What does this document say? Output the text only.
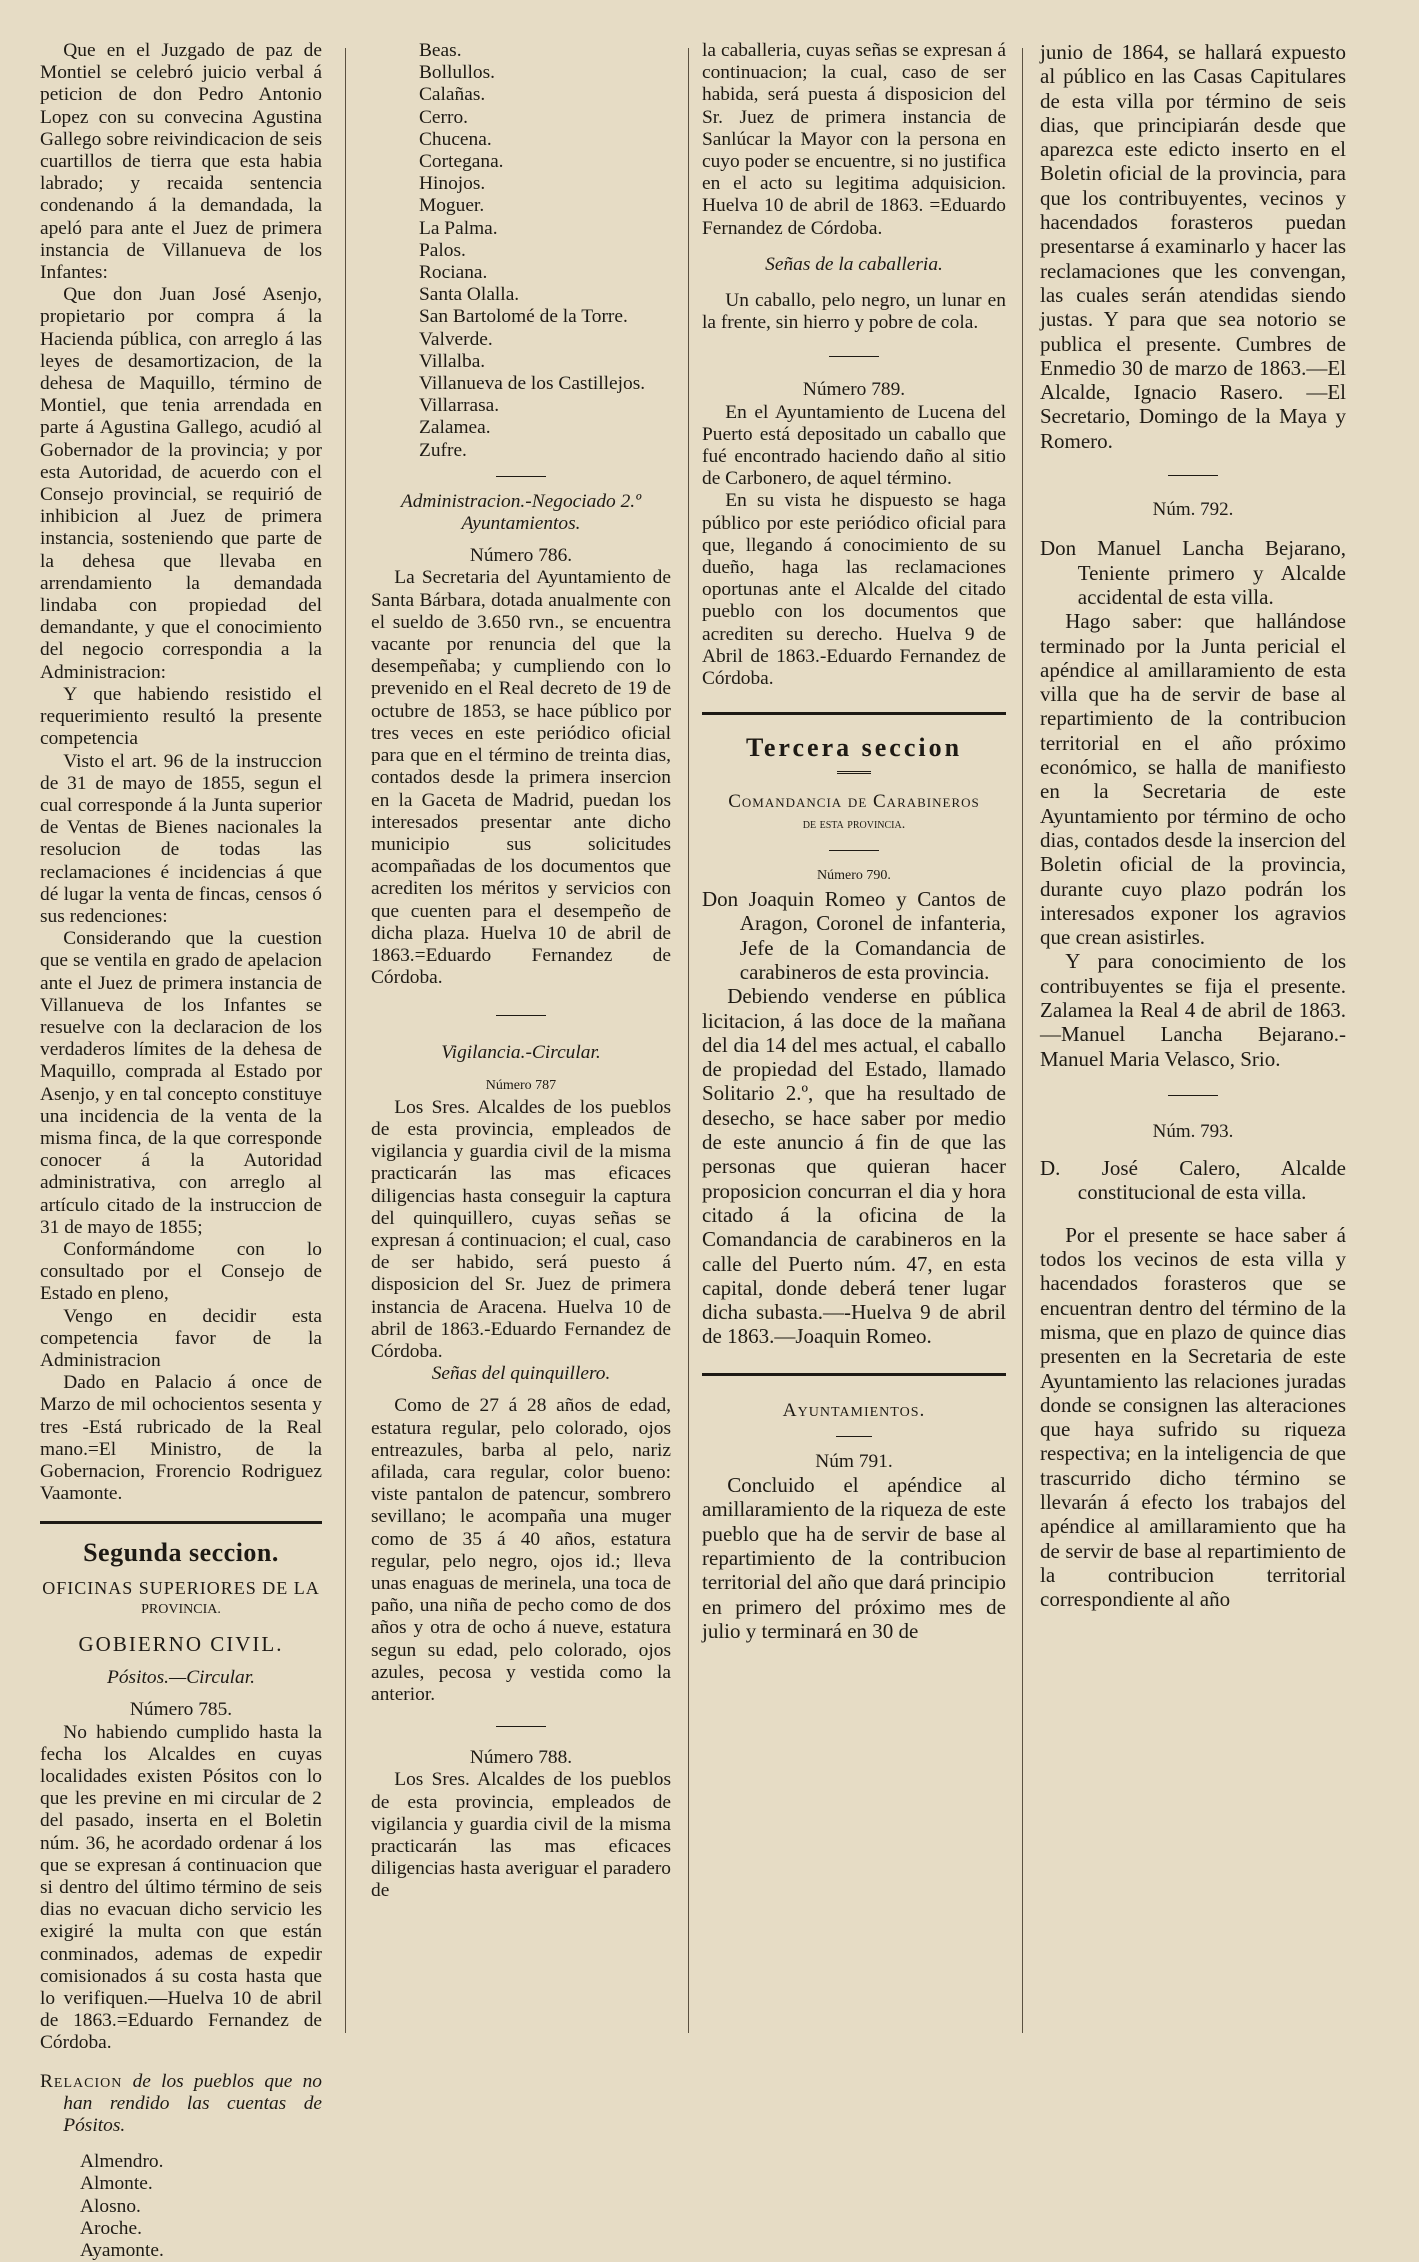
Que en el Juzgado de paz de Montiel se celebró juicio verbal á peticion de don Pedro Antonio Lopez con su convecina Agustina Gallego sobre reivindicacion de seis cuartillos de tierra que esta habia labrado; y recaida sentencia condenando á la demandada, la apeló para ante el Juez de primera instancia de Villanueva de los Infantes:

Que don Juan José Asenjo, propietario por compra á la Hacienda pública, con arreglo á las leyes de desamortizacion, de la dehesa de Maquillo, término de Montiel, que tenia arrendada en parte á Agustina Gallego, acudió al Gobernador de la provincia; y por esta Autoridad, de acuerdo con el Consejo provincial, se requirió de inhibicion al Juez de primera instancia, sosteniendo que parte de la dehesa que llevaba en arrendamiento la demandada lindaba con propiedad del demandante, y que el conocimiento del negocio correspondia a la Administracion:

Y que habiendo resistido el requerimiento resultó la presente competencia

Visto el art. 96 de la instruccion de 31 de mayo de 1855, segun el cual corresponde á la Junta superior de Ventas de Bienes nacionales la resolucion de todas las reclamaciones é incidencias á que dé lugar la venta de fincas, censos ó sus redenciones:

Considerando que la cuestion que se ventila en grado de apelacion ante el Juez de primera instancia de Villanueva de los Infantes se resuelve con la declaracion de los verdaderos límites de la dehesa de Maquillo, comprada al Estado por Asenjo, y en tal concepto constituye una incidencia de la venta de la misma finca, de la que corresponde conocer á la Autoridad administrativa, con arreglo al artículo citado de la instruccion de 31 de mayo de 1855;

Conformándome con lo consultado por el Consejo de Estado en pleno,

Vengo en decidir esta competencia favor de la Administracion

Dado en Palacio á once de Marzo de mil ochocientos sesenta y tres -Está rubricado de la Real mano.=El Ministro, de la Gobernacion, Frorencio Rodriguez Vaamonte.

Segunda seccion.
OFICINAS SUPERIORES DE LA
PROVINCIA.
GOBIERNO CIVIL.
Pósitos.—Circular.
Número 785.

No habiendo cumplido hasta la fecha los Alcaldes en cuyas localidades existen Pósitos con lo que les previne en mi circular de 2 del pasado, inserta en el Boletin núm. 36, he acordado ordenar á los que se expresan á continuacion que si dentro del último término de seis dias no evacuan dicho servicio les exigiré la multa con que están conminados, ademas de expedir comisionados á su costa hasta que lo verifiquen.—Huelva 10 de abril de 1863.=Eduardo Fernandez de Córdoba.

Relacion de los pueblos que no han rendido las cuentas de Pósitos.
Almendro.
Almonte.
Alosno.
Aroche.
Ayamonte.
Beas.
Bollullos.
Calañas.
Cerro.
Chucena.
Cortegana.
Hinojos.
Moguer.
La Palma.
Palos.
Rociana.
Santa Olalla.
San Bartolomé de la Torre.
Valverde.
Villalba.
Villanueva de los Castillejos.
Villarrasa.
Zalamea.
Zufre.
Administracion.-Negociado 2.º Ayuntamientos.
Número 786.

La Secretaria del Ayuntamiento de Santa Bárbara, dotada anualmente con el sueldo de 3.650 rvn., se encuentra vacante por renuncia del que la desempeñaba; y cumpliendo con lo prevenido en el Real decreto de 19 de octubre de 1853, se hace público por tres veces en este periódico oficial para que en el término de treinta dias, contados desde la primera insercion en la Gaceta de Madrid, puedan los interesados presentar ante dicho municipio sus solicitudes acompañadas de los documentos que acrediten los méritos y servicios con que cuenten para el desempeño de dicha plaza. Huelva 10 de abril de 1863.=Eduardo Fernandez de Córdoba.

Vigilancia.-Circular.
Número 787

Los Sres. Alcaldes de los pueblos de esta provincia, empleados de vigilancia y guardia civil de la misma practicarán las mas eficaces diligencias hasta conseguir la captura del quinquillero, cuyas señas se expresan á continuacion; el cual, caso de ser habido, será puesto á disposicion del Sr. Juez de primera instancia de Aracena. Huelva 10 de abril de 1863.-Eduardo Fernandez de Córdoba.

Señas del quinquillero.

Como de 27 á 28 años de edad, estatura regular, pelo colorado, ojos entreazules, barba al pelo, nariz afilada, cara regular, color bueno: viste pantalon de patencur, sombrero sevillano; le acompaña una muger como de 35 á 40 años, estatura regular, pelo negro, ojos id.; lleva unas enaguas de merinela, una toca de paño, una niña de pecho como de dos años y otra de ocho á nueve, estatura segun su edad, pelo colorado, ojos azules, pecosa y vestida como la anterior.

Número 788.

Los Sres. Alcaldes de los pueblos de esta provincia, empleados de vigilancia y guardia civil de la misma practicarán las mas eficaces diligencias hasta averiguar el paradero de

la caballeria, cuyas señas se expresan á continuacion; la cual, caso de ser habida, será puesta á disposicion del Sr. Juez de primera instancia de Sanlúcar la Mayor con la persona en cuyo poder se encuentre, si no justifica en el acto su legitima adquisicion. Huelva 10 de abril de 1863. =Eduardo Fernandez de Córdoba.

Señas de la caballeria.

Un caballo, pelo negro, un lunar en la frente, sin hierro y pobre de cola.

Número 789.

En el Ayuntamiento de Lucena del Puerto está depositado un caballo que fué encontrado haciendo daño al sitio de Carbonero, de aquel término.

En su vista he dispuesto se haga público por este periódico oficial para que, llegando á conocimiento de su dueño, haga las reclamaciones oportunas ante el Alcalde del citado pueblo con los documentos que acrediten su derecho. Huelva 9 de Abril de 1863.-Eduardo Fernandez de Córdoba.

Tercera seccion
Comandancia de Carabineros
de esta provincia.
Número 790.
Don Joaquin Romeo y Cantos de Aragon, Coronel de infanteria, Jefe de la Comandancia de carabineros de esta provincia.

Debiendo venderse en pública licitacion, á las doce de la mañana del dia 14 del mes actual, el caballo de propiedad del Estado, llamado Solitario 2.º, que ha resultado de desecho, se hace saber por medio de este anuncio á fin de que las personas que quieran hacer proposicion concurran el dia y hora citado á la oficina de la Comandancia de carabineros en la calle del Puerto núm. 47, en esta capital, donde deberá tener lugar dicha subasta.—-Huelva 9 de abril de 1863.—Joaquin Romeo.

Ayuntamientos.
Núm 791.

Concluido el apéndice al amillaramiento de la riqueza de este pueblo que ha de servir de base al repartimiento de la contribucion territorial del año que dará principio en primero del próximo mes de julio y terminará en 30 de

junio de 1864, se hallará expuesto al público en las Casas Capitulares de esta villa por término de seis dias, que principiarán desde que aparezca este edicto inserto en el Boletin oficial de la provincia, para que los contribuyentes, vecinos y hacendados forasteros puedan presentarse á examinarlo y hacer las reclamaciones que les convengan, las cuales serán atendidas siendo justas. Y para que sea notorio se publica el presente. Cumbres de Enmedio 30 de marzo de 1863.—El Alcalde, Ignacio Rasero. —El Secretario, Domingo de la Maya y Romero.

Núm. 792.
Don Manuel Lancha Bejarano, Teniente primero y Alcalde accidental de esta villa.

Hago saber: que hallándose terminado por la Junta pericial el apéndice al amillaramiento de esta villa que ha de servir de base al repartimiento de la contribucion territorial en el año próximo económico, se halla de manifiesto en la Secretaria de este Ayuntamiento por término de ocho dias, contados desde la insercion del Boletin oficial de la provincia, durante cuyo plazo podrán los interesados exponer los agravios que crean asistirles.

Y para conocimiento de los contribuyentes se fija el presente. Zalamea la Real 4 de abril de 1863.—Manuel Lancha Bejarano.-Manuel Maria Velasco, Srio.

Núm. 793.
D. José Calero, Alcalde constitucional de esta villa.

Por el presente se hace saber á todos los vecinos de esta villa y hacendados forasteros que se encuentran dentro del término de la misma, que en plazo de quince dias presenten en la Secretaria de este Ayuntamiento las relaciones juradas donde se consignen las alteraciones que haya sufrido su riqueza respectiva; en la inteligencia de que trascurrido dicho término se llevarán á efecto los trabajos del apéndice al amillaramiento que ha de servir de base al repartimiento de la contribucion territorial correspondiente al año
